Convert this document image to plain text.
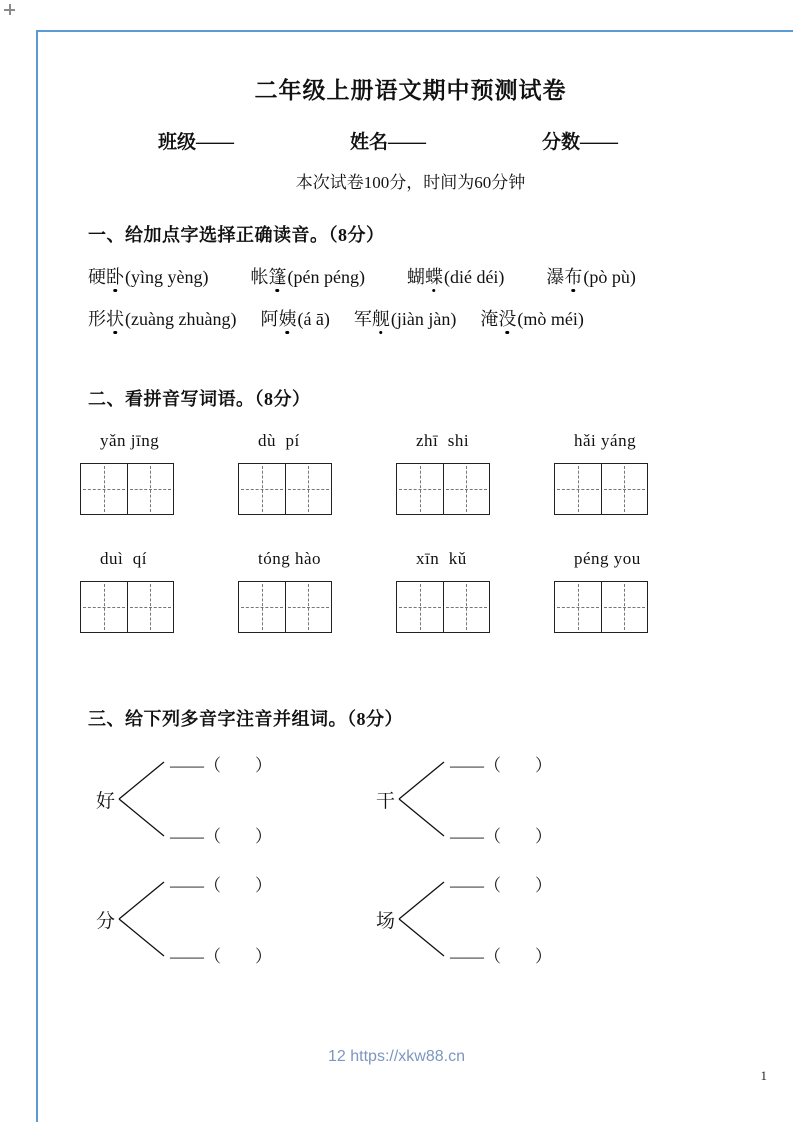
二年级上册语文期中预测试卷
班级——	姓名——	分数——
本次试卷100分，时间为60分钟
一、给加点字选择正确读音。（8分）
硬卧(yìng yèng) 帐篷(pén péng) 蝴蝶(dié déi) 瀑布(pò pù)
形状(zuàng zhuàng) 阿姨(á ā) 军舰(jiàn jàn) 淹没(mò méi)
二、看拼音写词语。（8分）
yǎn jīng	dù  pí	zhī  shi	hǎi yáng
duì  qí	tóng hào	xīn  kǔ	péng you
三、给下列多音字注音并组词。（8分）
好
——（　　）
——（　　）
干
——（　　）
——（　　）
分
——（　　）
——（　　）
场
——（　　）
——（　　）
12 https://xkw88.cn
1
